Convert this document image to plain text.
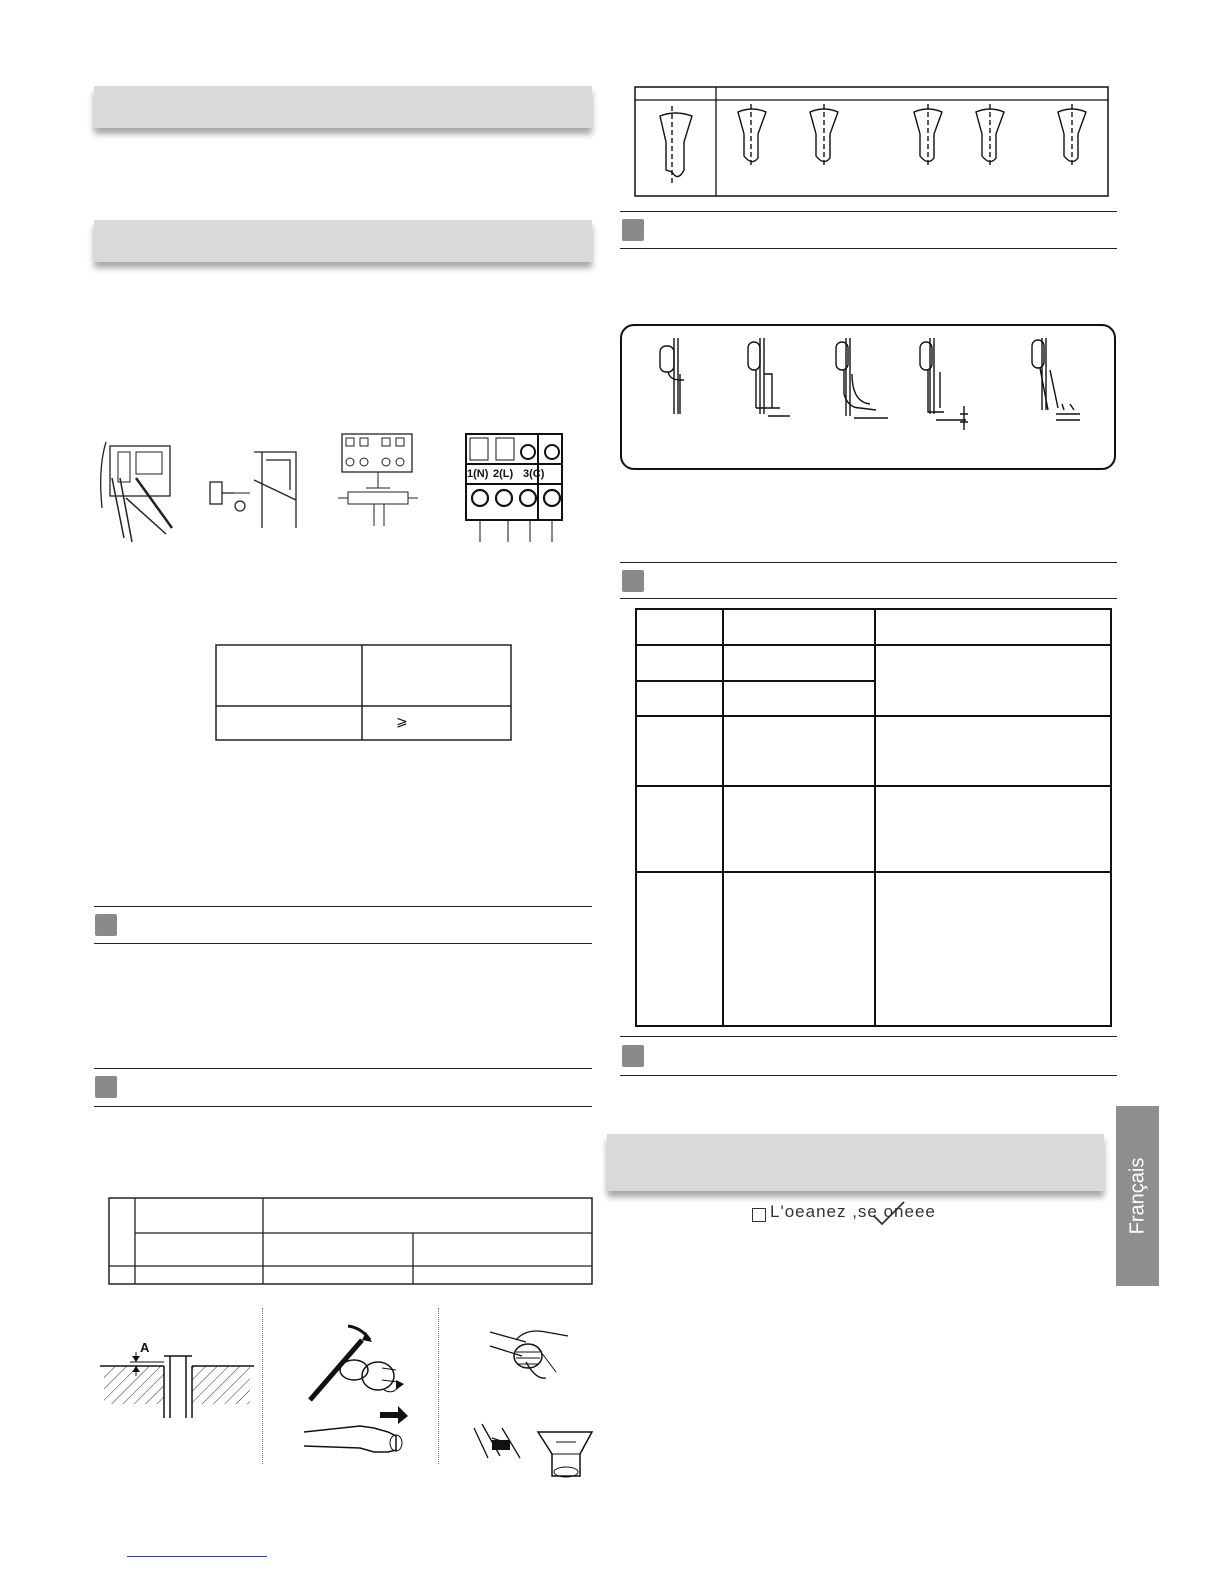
1(N) 2(L) 3(C)
⩾
A
L'oeanez ,se oneee	Français
